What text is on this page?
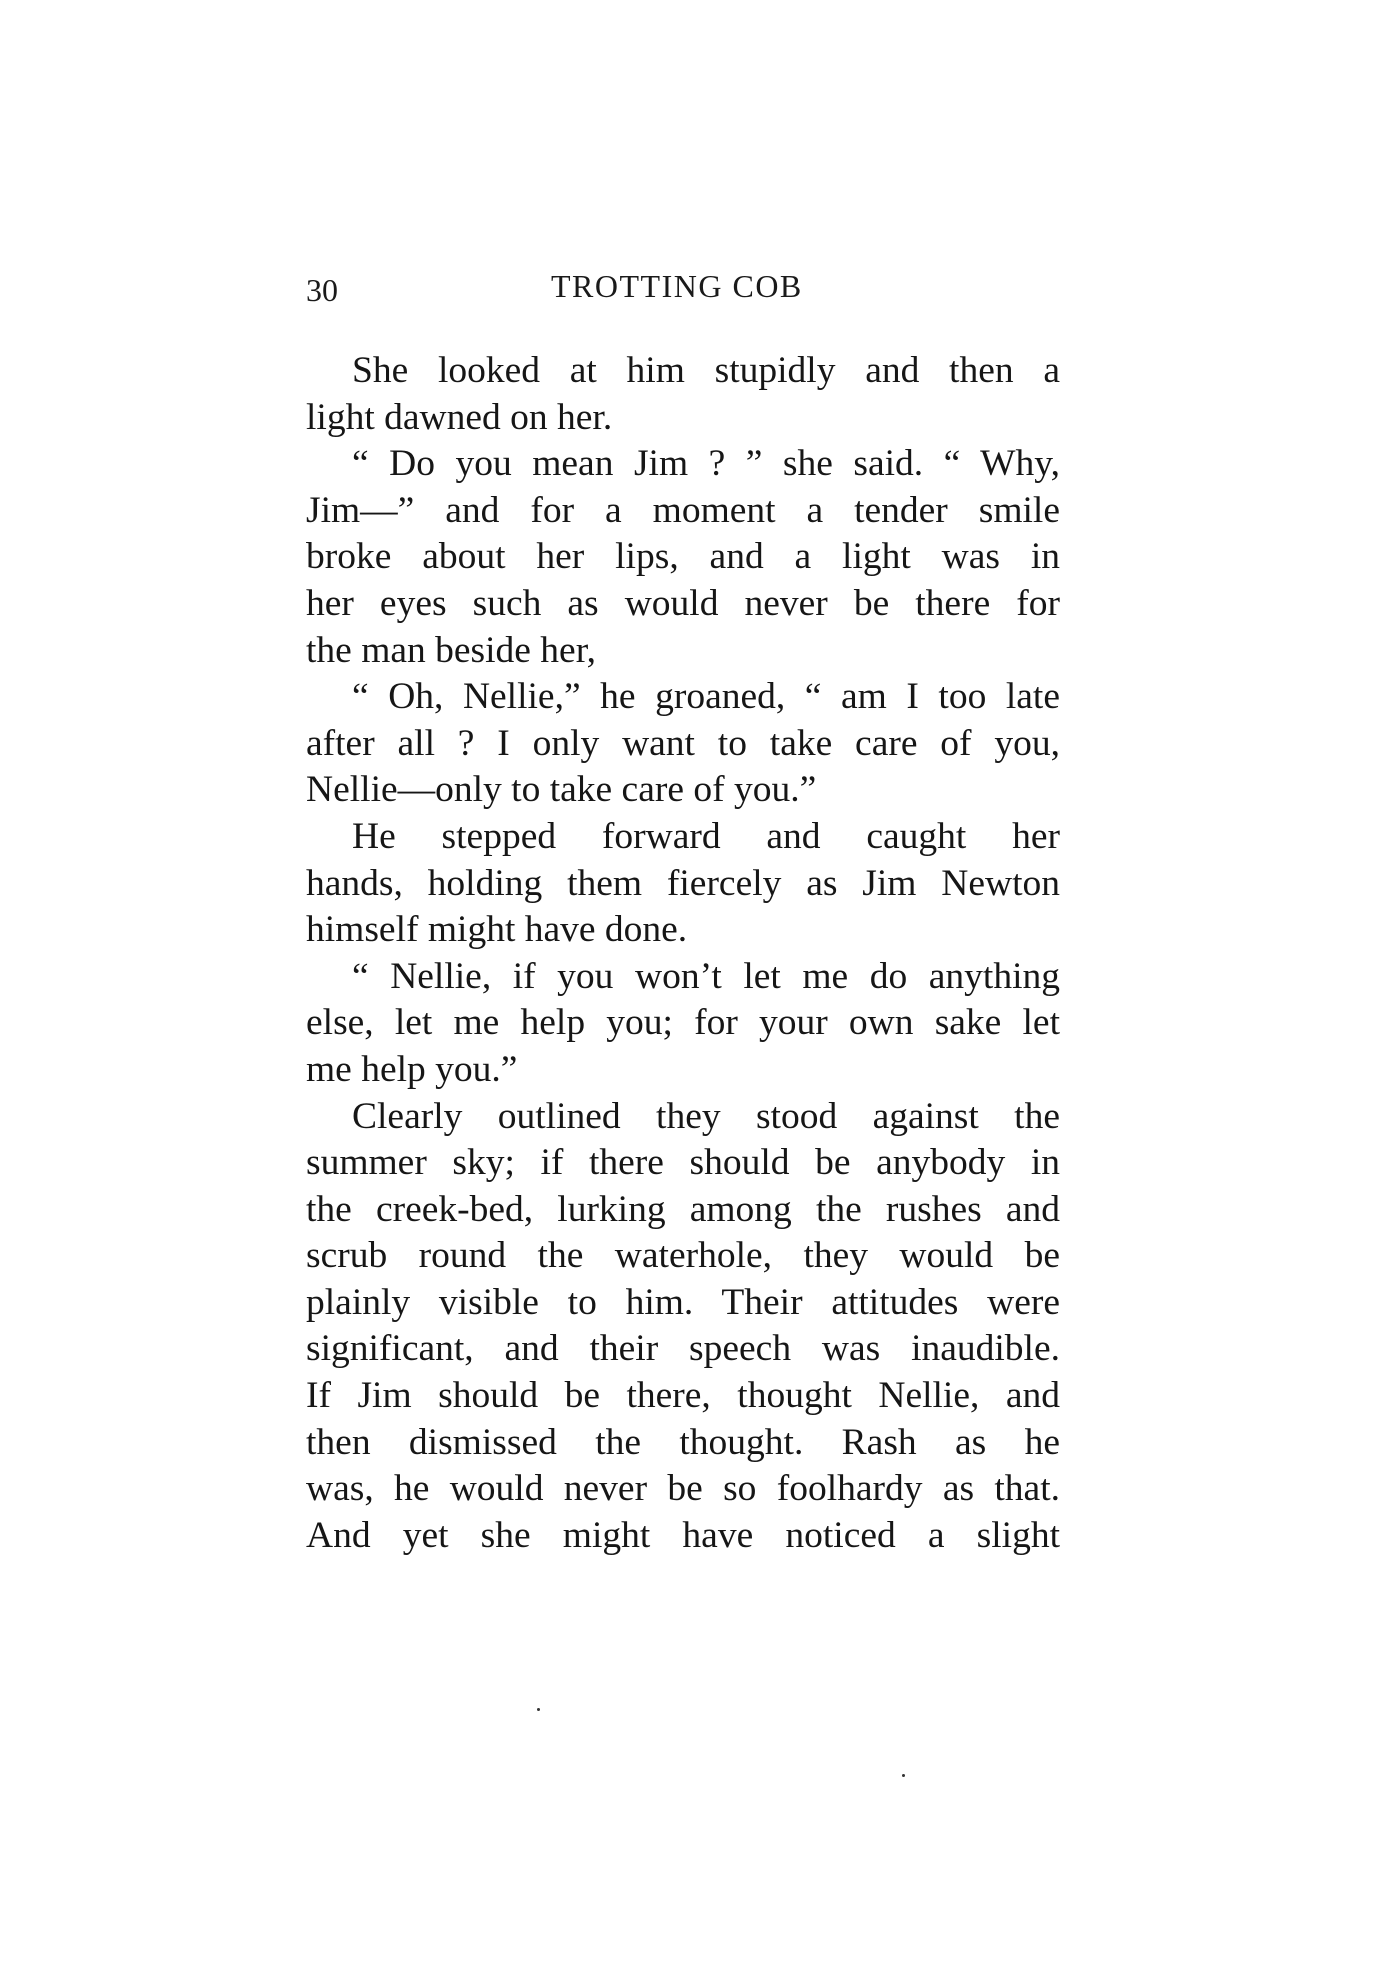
30	TROTTING COB
She looked at him stupidly and then a
light dawned on her.
“ Do you mean Jim ? ” she said. “ Why,
Jim—” and for a moment a tender smile
broke about her lips, and a light was in
her eyes such as would never be there for
the man beside her,
“ Oh, Nellie,” he groaned, “ am I too late
after all ? I only want to take care of you,
Nellie—only to take care of you.”
He stepped forward and caught her
hands, holding them fiercely as Jim Newton
himself might have done.
“ Nellie, if you won’t let me do anything
else, let me help you; for your own sake let
me help you.”
Clearly outlined they stood against the
summer sky; if there should be anybody in
the creek-bed, lurking among the rushes and
scrub round the waterhole, they would be
plainly visible to him. Their attitudes were
significant, and their speech was inaudible.
If Jim should be there, thought Nellie, and
then dismissed the thought. Rash as he
was, he would never be so foolhardy as that.
And yet she might have noticed a slight
